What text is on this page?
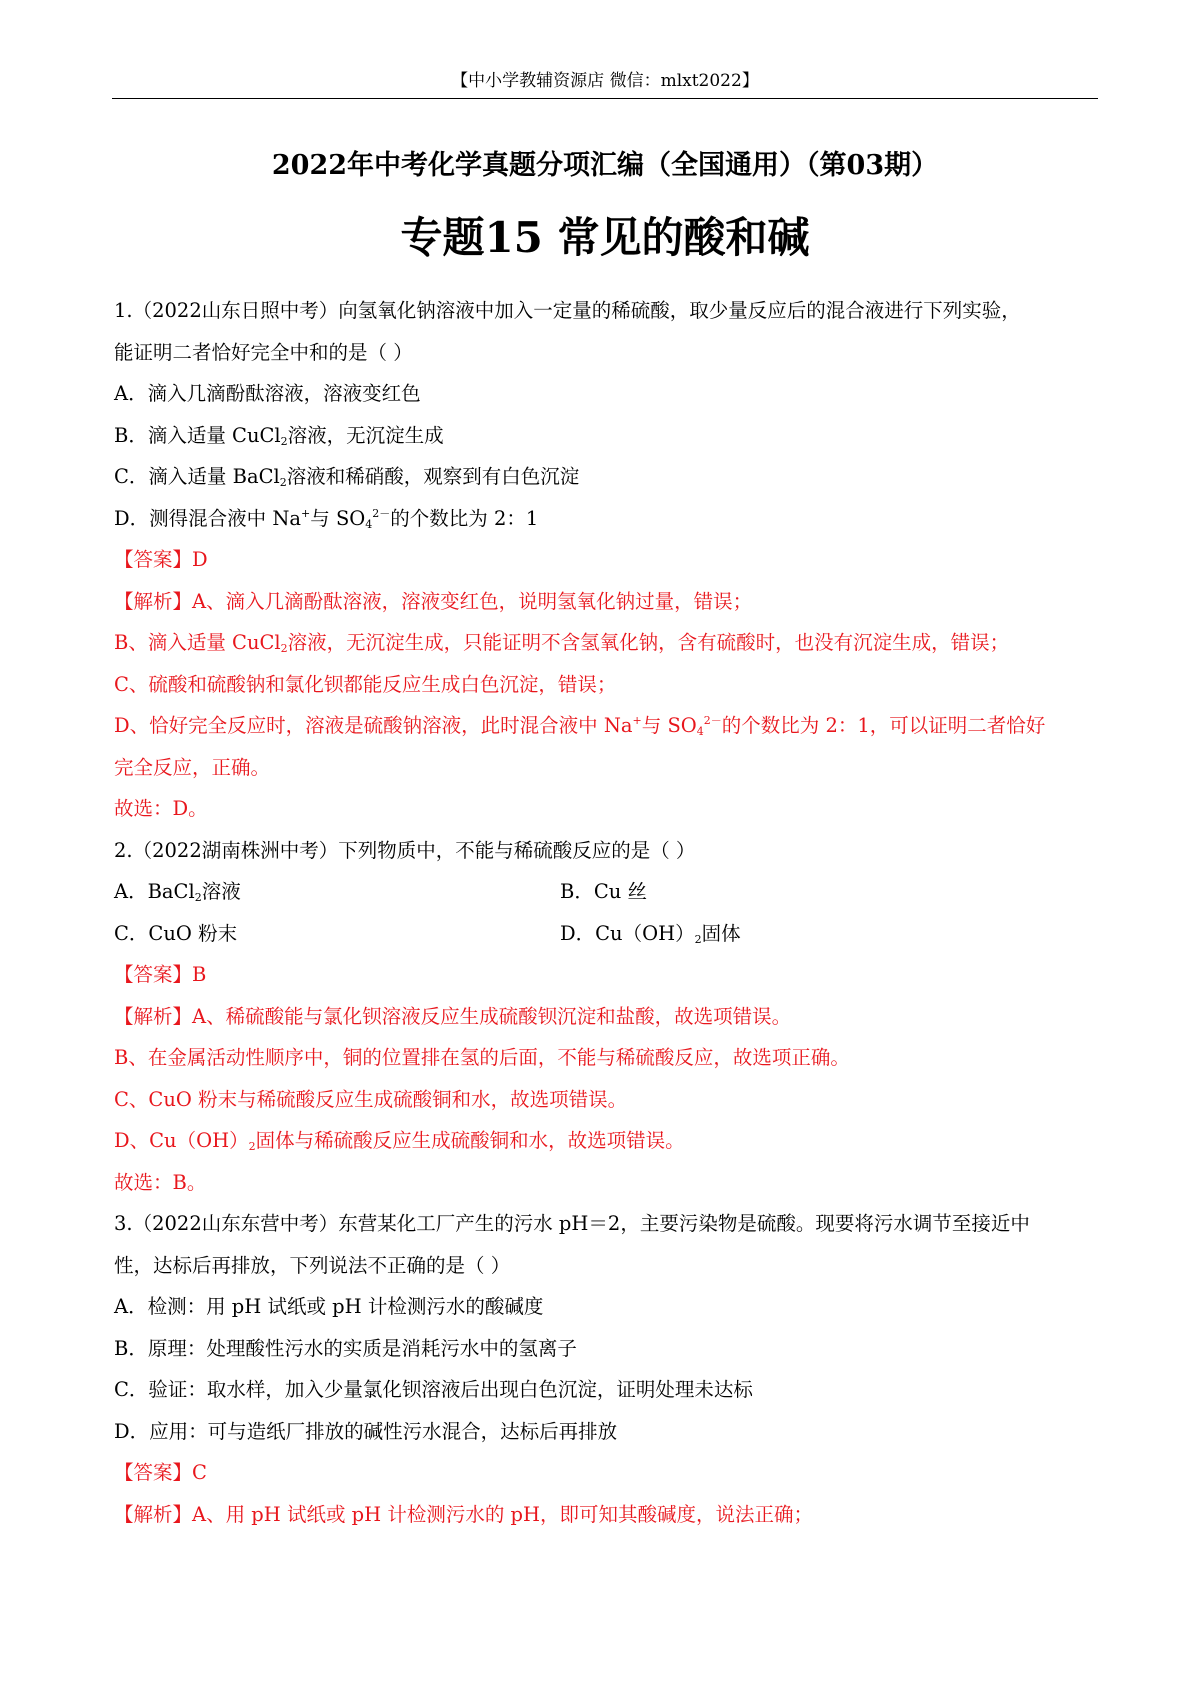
【中小学教辅资源店 微信：mlxt2022】
2022年中考化学真题分项汇编（全国通用）（第03期）
专题15 常见的酸和碱
1.（2022山东日照中考）向氢氧化钠溶液中加入一定量的稀硫酸，取少量反应后的混合液进行下列实验，
能证明二者恰好完全中和的是（ ）
A．滴入几滴酚酞溶液，溶液变红色
B．滴入适量 CuCl$_2$溶液，无沉淀生成
C．滴入适量 BaCl$_2$溶液和稀硝酸，观察到有白色沉淀
D．测得混合液中 Na+与 $SO_4^{2-}$的个数比为 2：1
【答案】D
【解析】A、滴入几滴酚酞溶液，溶液变红色，说明氢氧化钠过量，错误；
B、滴入适量 CuCl$_2$溶液，无沉淀生成，只能证明不含氢氧化钠，含有硫酸时，也没有沉淀生成，错误；
C、硫酸和硫酸钠和氯化钡都能反应生成白色沉淀，错误；
D、恰好完全反应时，溶液是硫酸钠溶液，此时混合液中 Na+与 $SO_4^{2-}$的个数比为 2：1，可以证明二者恰好
完全反应，正确。
故选：D。
2.（2022湖南株洲中考）下列物质中，不能与稀硫酸反应的是（ ）
A．BaCl$_2$溶液	B．Cu 丝
C．CuO 粉末	D．$Cu(OH)_2$固体
【答案】B
【解析】A、稀硫酸能与氯化钡溶液反应生成硫酸钡沉淀和盐酸，故选项错误。
B、在金属活动性顺序中，铜的位置排在氢的后面，不能与稀硫酸反应，故选项正确。
C、CuO 粉末与稀硫酸反应生成硫酸铜和水，故选项错误。
D、$Cu(OH)_2$固体与稀硫酸反应生成硫酸铜和水，故选项错误。
故选：B。
3.（2022山东东营中考）东营某化工厂产生的污水 pH＝2，主要污染物是硫酸。现要将污水调节至接近中
性，达标后再排放，下列说法不正确的是（ ）
A．检测：用 pH 试纸或 pH 计检测污水的酸碱度
B．原理：处理酸性污水的实质是消耗污水中的氢离子
C．验证：取水样，加入少量氯化钡溶液后出现白色沉淀，证明处理未达标
D．应用：可与造纸厂排放的碱性污水混合，达标后再排放
【答案】C
【解析】A、用 pH 试纸或 pH 计检测污水的 pH，即可知其酸碱度，说法正确；
